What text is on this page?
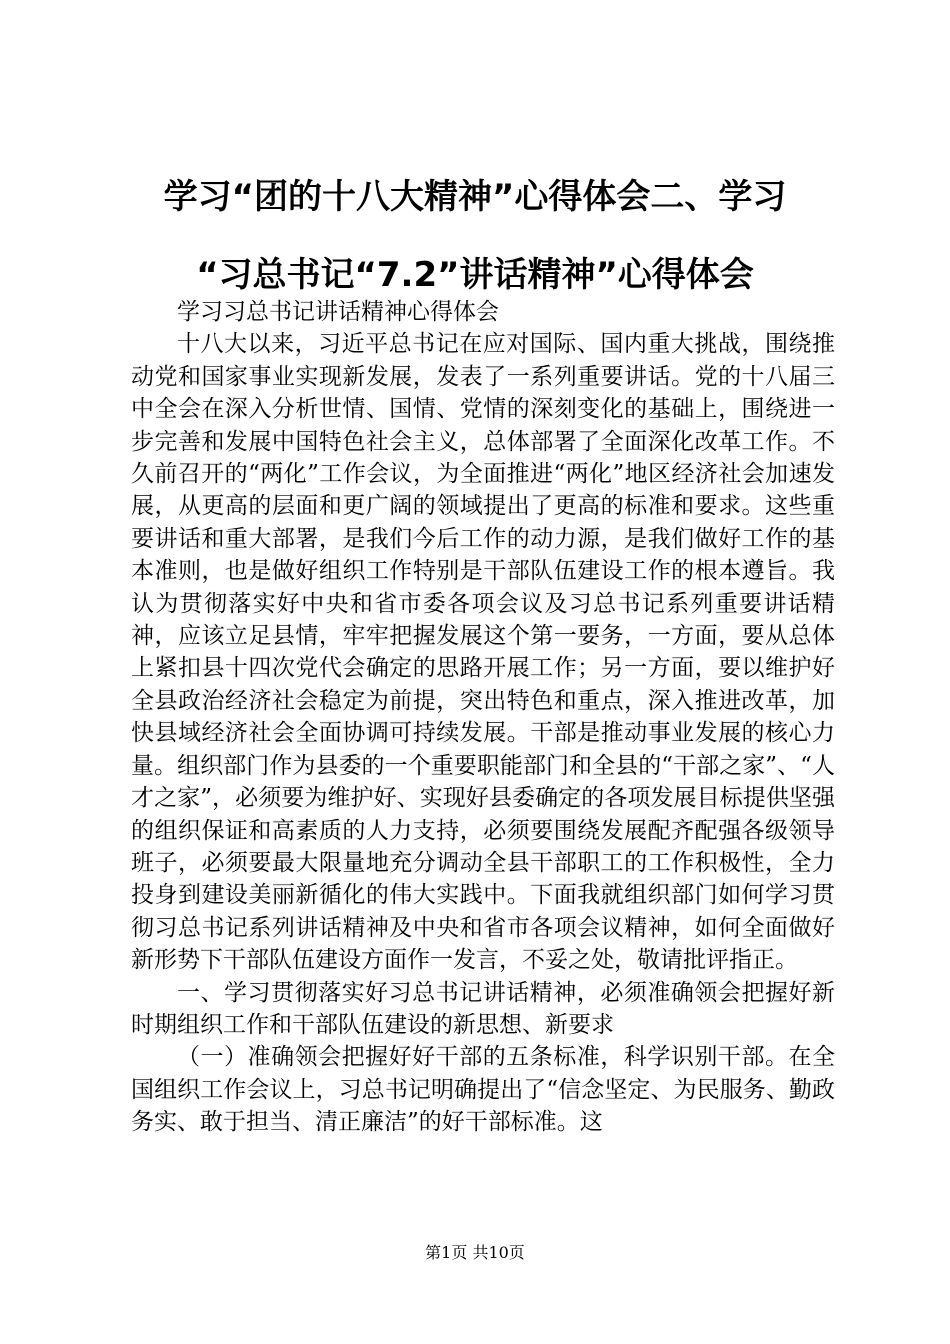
学习“团的十八大精神”心得体会二、学习
“习总书记“7.2”讲话精神”心得体会

学习习总书记讲话精神心得体会

十八大以来，习近平总书记在应对国际、国内重大挑战，围绕推动党和国家事业实现新发展，发表了一系列重要讲话。党的十八届三中全会在深入分析世情、国情、党情的深刻变化的基础上，围绕进一步完善和发展中国特色社会主义，总体部署了全面深化改革工作。不久前召开的“两化”工作会议，为全面推进“两化”地区经济社会加速发展，从更高的层面和更广阔的领域提出了更高的标准和要求。这些重要讲话和重大部署，是我们今后工作的动力源，是我们做好工作的基本准则，也是做好组织工作特别是干部队伍建设工作的根本遵旨。我认为贯彻落实好中央和省市委各项会议及习总书记系列重要讲话精神，应该立足县情，牢牢把握发展这个第一要务，一方面，要从总体上紧扣县十四次党代会确定的思路开展工作；另一方面，要以维护好全县政治经济社会稳定为前提，突出特色和重点，深入推进改革，加快县域经济社会全面协调可持续发展。干部是推动事业发展的核心力量。组织部门作为县委的一个重要职能部门和全县的“干部之家”、“人才之家”，必须要为维护好、实现好县委确定的各项发展目标提供坚强的组织保证和高素质的人力支持，必须要围绕发展配齐配强各级领导班子，必须要最大限量地充分调动全县干部职工的工作积极性，全力投身到建设美丽新循化的伟大实践中。下面我就组织部门如何学习贯彻习总书记系列讲话精神及中央和省市各项会议精神，如何全面做好新形势下干部队伍建设方面作一发言，不妥之处，敬请批评指正。

一、学习贯彻落实好习总书记讲话精神，必须准确领会把握好新时期组织工作和干部队伍建设的新思想、新要求

（一）准确领会把握好好干部的五条标准，科学识别干部。在全国组织工作会议上，习总书记明确提出了“信念坚定、为民服务、勤政务实、敢于担当、清正廉洁”的好干部标准。这

第1页 共10页
